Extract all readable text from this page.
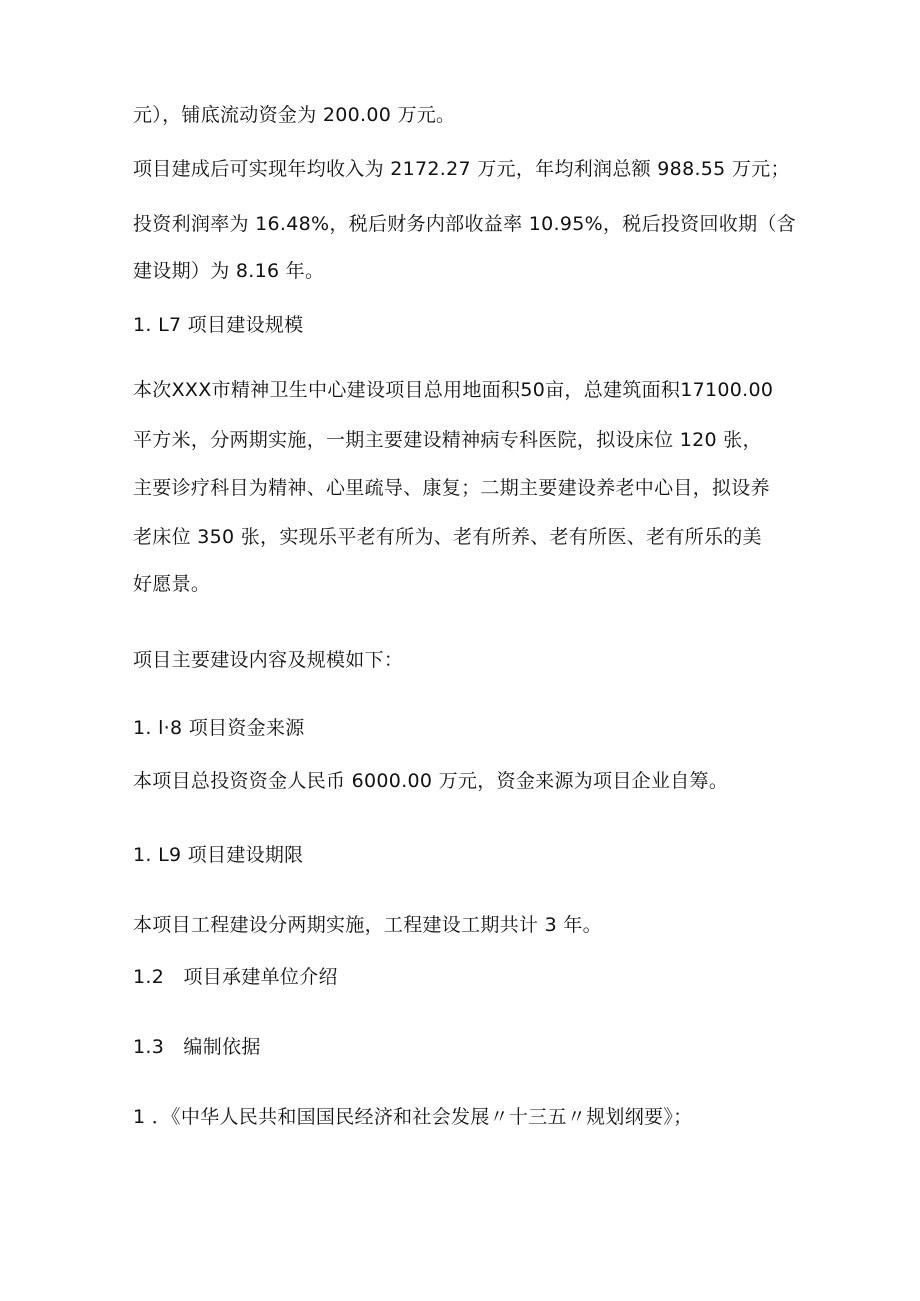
元），铺底流动资金为 200.00 万元。
项目建成后可实现年均收入为 2172.27 万元，年均利润总额 988.55 万元；
投资利润率为 16.48%，税后财务内部收益率 10.95%，税后投资回收期（含
建设期）为 8.16 年。
1. L7 项目建设规模
本次XXX市精神卫生中心建设项目总用地面积50亩，总建筑面积17100.00
平方米，分两期实施，一期主要建设精神病专科医院，拟设床位 120 张，
主要诊疗科目为精神、心里疏导、康复；二期主要建设养老中心目，拟设养
老床位 350 张，实现乐平老有所为、老有所养、老有所医、老有所乐的美
好愿景。
项目主要建设内容及规模如下：
1. l·8 项目资金来源
本项目总投资资金人民币 6000.00 万元，资金来源为项目企业自筹。
1. L9 项目建设期限
本项目工程建设分两期实施，工程建设工期共计 3 年。
1.2　项目承建单位介绍
1.3　编制依据
1 ．《中华人民共和国国民经济和社会发展〃十三五〃规划纲要》；
